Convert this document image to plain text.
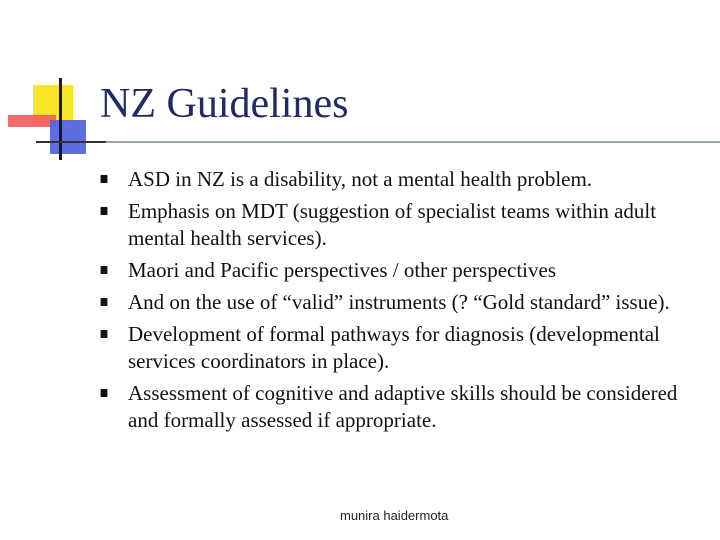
NZ Guidelines
ASD in NZ is a disability, not a mental health problem.
Emphasis on MDT (suggestion of specialist teams within adult mental health services).
Maori and Pacific perspectives / other perspectives
And on the use of “valid” instruments (? “Gold standard” issue).
Development of formal pathways for diagnosis (developmental services coordinators in place).
Assessment of cognitive and adaptive skills should be considered and formally assessed if appropriate.
munira haidermota
